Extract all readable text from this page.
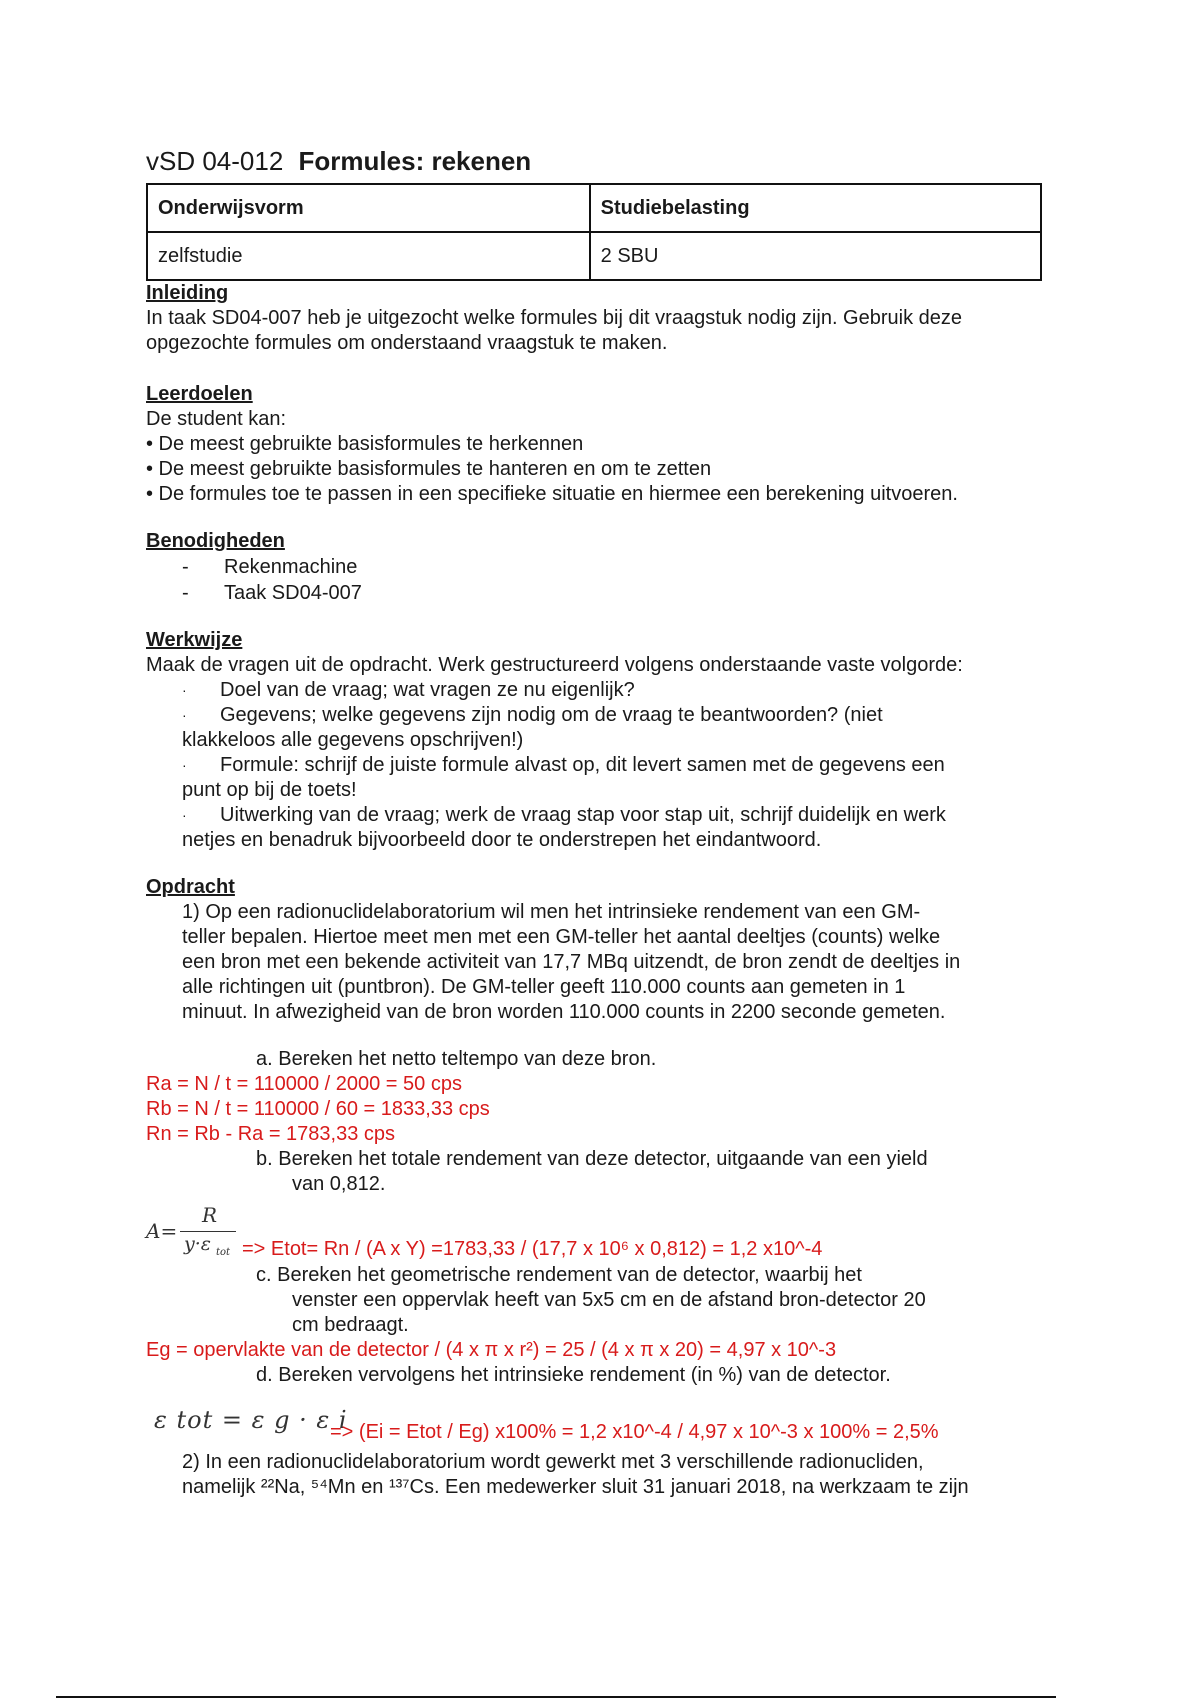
vSD 04-012 Formules: rekenen
Onderwijsvorm	Studiebelasting
zelfstudie	2 SBU

Inleiding

In taak SD04-007 heb je uitgezocht welke formules bij dit vraagstuk nodig zijn. Gebruik deze opgezochte formules om onderstaand vraagstuk te maken.

Leerdoelen

De student kan:

• De meest gebruikte basisformules te herkennen

• De meest gebruikte basisformules te hanteren en om te zetten

• De formules toe te passen in een specifieke situatie en hiermee een berekening uitvoeren.

Benodigheden

- Rekenmachine
- Taak SD04-007

Werkwijze

Maak de vragen uit de opdracht. Werk gestructureerd volgens onderstaande vaste volgorde:

· Doel van de vraag; wat vragen ze nu eigenlijk?
· Gegevens; welke gegevens zijn nodig om de vraag te beantwoorden? (niet
klakkeloos alle gegevens opschrijven!)
· Formule: schrijf de juiste formule alvast op, dit levert samen met de gegevens een
punt op bij de toets!
· Uitwerking van de vraag; werk de vraag stap voor stap uit, schrijf duidelijk en werk
netjes en benadruk bijvoorbeeld door te onderstrepen het eindantwoord.

Opdracht

1) Op een radionuclidelaboratorium wil men het intrinsieke rendement van een GM-

teller bepalen. Hiertoe meet men met een GM-teller het aantal deeltjes (counts) welke

een bron met een bekende activiteit van 17,7 MBq uitzendt, de bron zendt de deeltjes in

alle richtingen uit (puntbron). De GM-teller geeft 110.000 counts aan gemeten in 1

minuut. In afwezigheid van de bron worden 110.000 counts in 2200 seconde gemeten.

a. Bereken het netto teltempo van deze bron.

Ra = N / t = 110000 / 2000 = 50 cps

Rb = N / t = 110000 / 60 = 1833,33 cps

Rn = Rb - Ra = 1783,33 cps

b. Bereken het totale rendement van deze detector, uitgaande van een yield

van 0,812.

R
A=
y·ε tot => Etot= Rn / (A x Y) =1783,33 / (17,7 x 10⁶ x 0,812) = 1,2 x10^-4

c. Bereken het geometrische rendement van de detector, waarbij het

venster een oppervlak heeft van 5x5 cm en de afstand bron-detector 20

cm bedraagt.

Eg = opervlakte van de detector / (4 x π x r²) = 25 / (4 x π x 20) = 4,97 x 10^-3

d. Bereken vervolgens het intrinsieke rendement (in %) van de detector.

ε tot = ε g · ε i
=> (Ei = Etot / Eg) x100% = 1,2 x10^-4 / 4,97 x 10^-3 x 100% = 2,5%

2) In een radionuclidelaboratorium wordt gewerkt met 3 verschillende radionucliden,

namelijk ²²Na, ⁵⁴Mn en ¹³⁷Cs. Een medewerker sluit 31 januari 2018, na werkzaam te zijn
